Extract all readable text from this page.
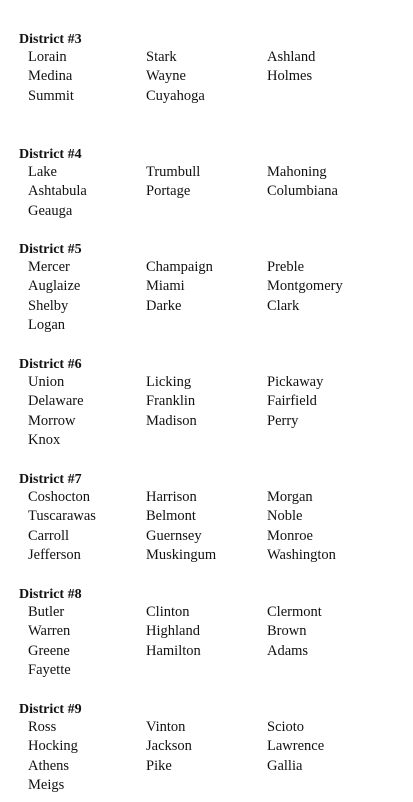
District #3
Lorain	Stark	Ashland
Medina	Wayne	Holmes
Summit	Cuyahoga
District #4
Lake	Trumbull	Mahoning
Ashtabula	Portage	Columbiana
Geauga
District #5
Mercer	Champaign	Preble
Auglaize	Miami	Montgomery
Shelby	Darke	Clark
Logan
District #6
Union	Licking	Pickaway
Delaware	Franklin	Fairfield
Morrow	Madison	Perry
Knox
District #7
Coshocton	Harrison	Morgan
Tuscarawas	Belmont	Noble
Carroll	Guernsey	Monroe
Jefferson	Muskingum	Washington
District #8
Butler	Clinton	Clermont
Warren	Highland	Brown
Greene	Hamilton	Adams
Fayette
District #9
Ross	Vinton	Scioto
Hocking	Jackson	Lawrence
Athens	Pike	Gallia
Meigs
